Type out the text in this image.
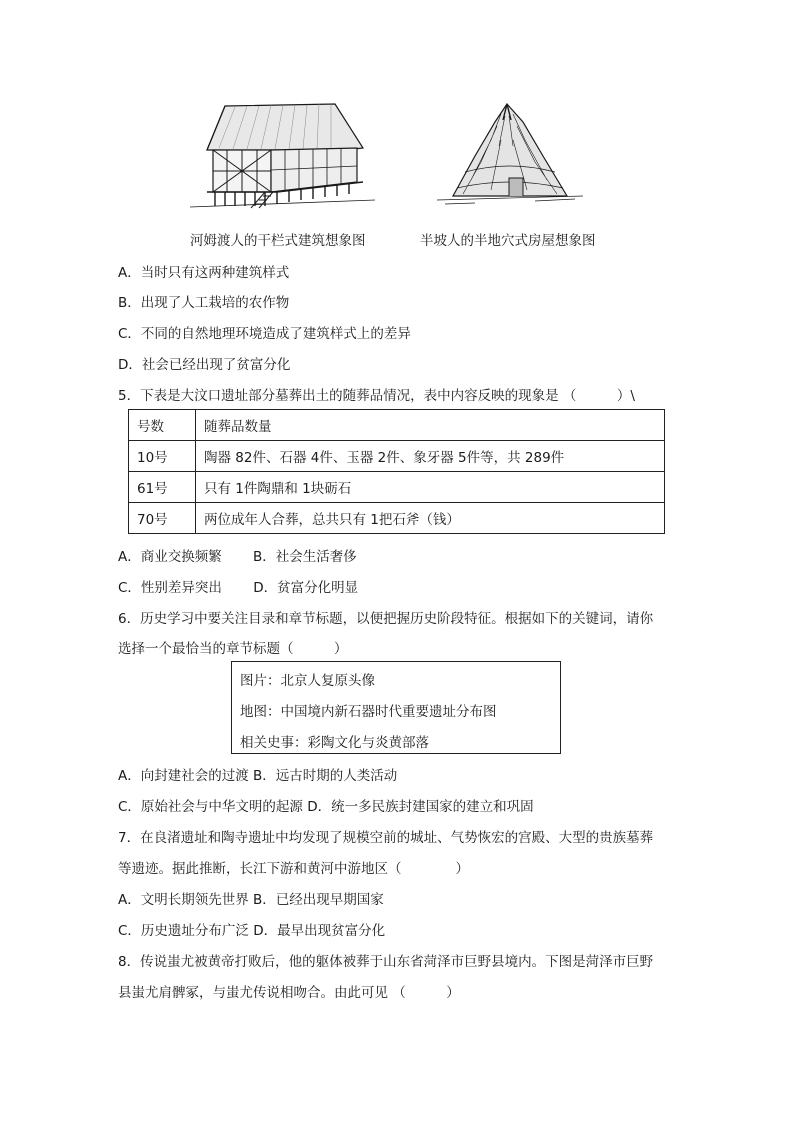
河姆渡人的干栏式建筑想象图	半坡人的半地穴式房屋想象图
A．当时只有这两种建筑样式
B．出现了人工栽培的农作物
C．不同的自然地理环境造成了建筑样式上的差异
D．社会已经出现了贫富分化
5．下表是大汶口遗址部分墓葬出土的随葬品情况，表中内容反映的现象是 （　　　）\
号数	随葬品数量
10号	陶器 82件、石器 4件、玉器 2件、象牙器 5件等，共 289件
61号	只有 1件陶鼎和 1块砺石
70号	两位成年人合葬，总共只有 1把石斧（钱）
A．商业交换频繁　　 B．社会生活奢侈
C．性别差异突出　　 D．贫富分化明显
6．历史学习中要关注目录和章节标题，以便把握历史阶段特征。根据如下的关键词，请你
选择一个最恰当的章节标题（　　　）
图片：北京人复原头像
地图：中国境内新石器时代重要遗址分布图
相关史事：彩陶文化与炎黄部落
A．向封建社会的过渡 B．远古时期的人类活动
C．原始社会与中华文明的起源 D．统一多民族封建国家的建立和巩固
7．在良渚遗址和陶寺遗址中均发现了规模空前的城址、气势恢宏的宫殿、大型的贵族墓葬
等遗迹。据此推断，长江下游和黄河中游地区（　　　　）
A．文明长期领先世界 B．已经出现早期国家
C．历史遗址分布广泛 D．最早出现贫富分化
8．传说蚩尤被黄帝打败后，他的躯体被葬于山东省菏泽市巨野县境内。下图是菏泽市巨野
县蚩尤肩髀冢，与蚩尤传说相吻合。由此可见 （　　　）
